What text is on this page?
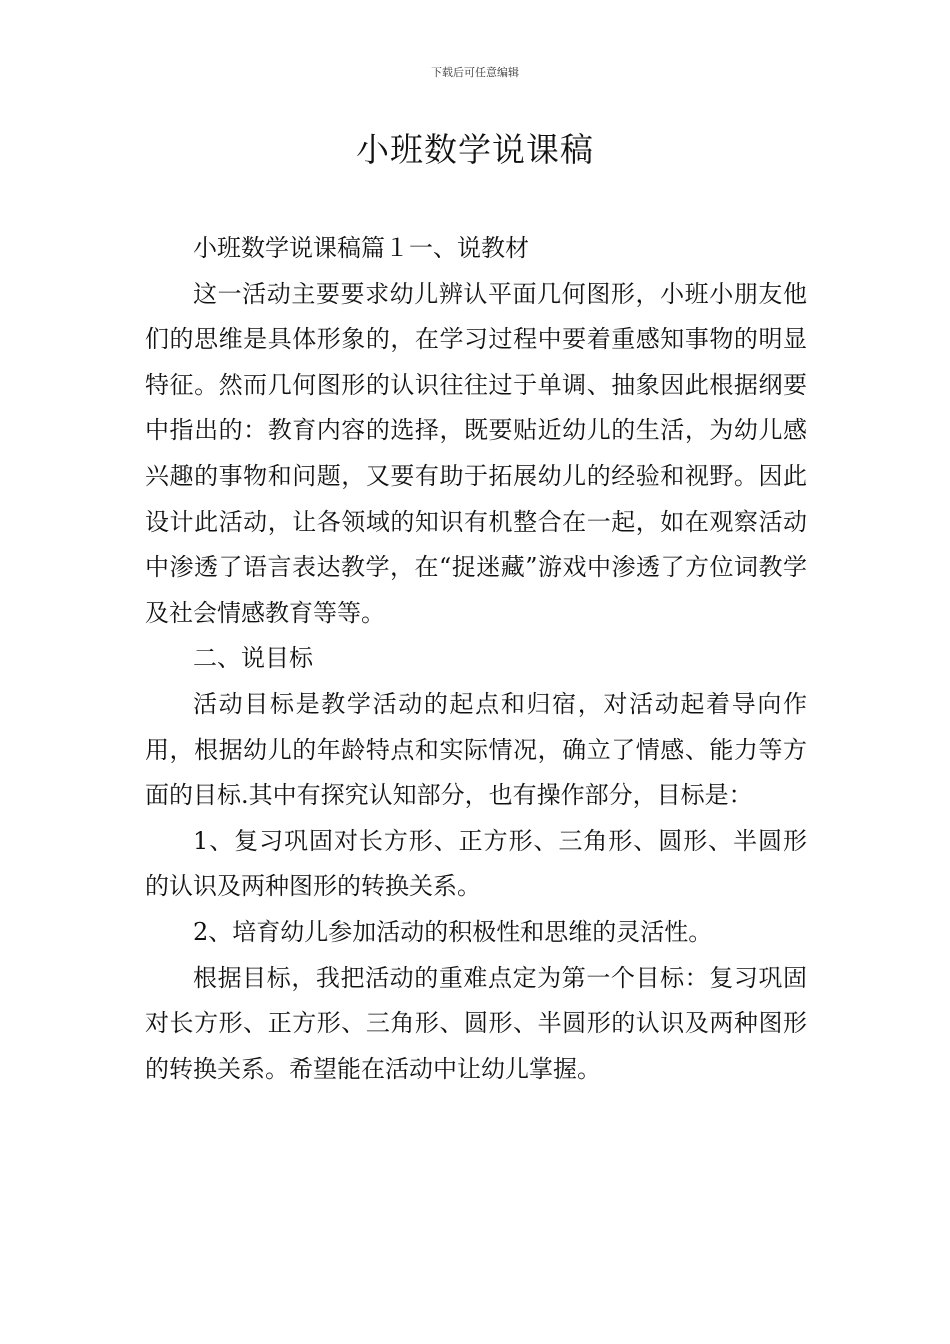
下载后可任意编辑
小班数学说课稿

小班数学说课稿篇１一、说教材

这一活动主要要求幼儿辨认平面几何图形，小班小朋友他们的思维是具体形象的，在学习过程中要着重感知事物的明显特征。然而几何图形的认识往往过于单调、抽象因此根据纲要中指出的：教育内容的选择，既要贴近幼儿的生活，为幼儿感兴趣的事物和问题，又要有助于拓展幼儿的经验和视野。因此设计此活动，让各领域的知识有机整合在一起，如在观察活动中渗透了语言表达教学，在“捉迷藏”游戏中渗透了方位词教学及社会情感教育等等。

二、说目标

活动目标是教学活动的起点和归宿，对活动起着导向作用，根据幼儿的年龄特点和实际情况，确立了情感、能力等方面的目标.其中有探究认知部分，也有操作部分，目标是：

1、复习巩固对长方形、正方形、三角形、圆形、半圆形的认识及两种图形的转换关系。

2、培育幼儿参加活动的积极性和思维的灵活性。

根据目标，我把活动的重难点定为第一个目标：复习巩固对长方形、正方形、三角形、圆形、半圆形的认识及两种图形的转换关系。希望能在活动中让幼儿掌握。
